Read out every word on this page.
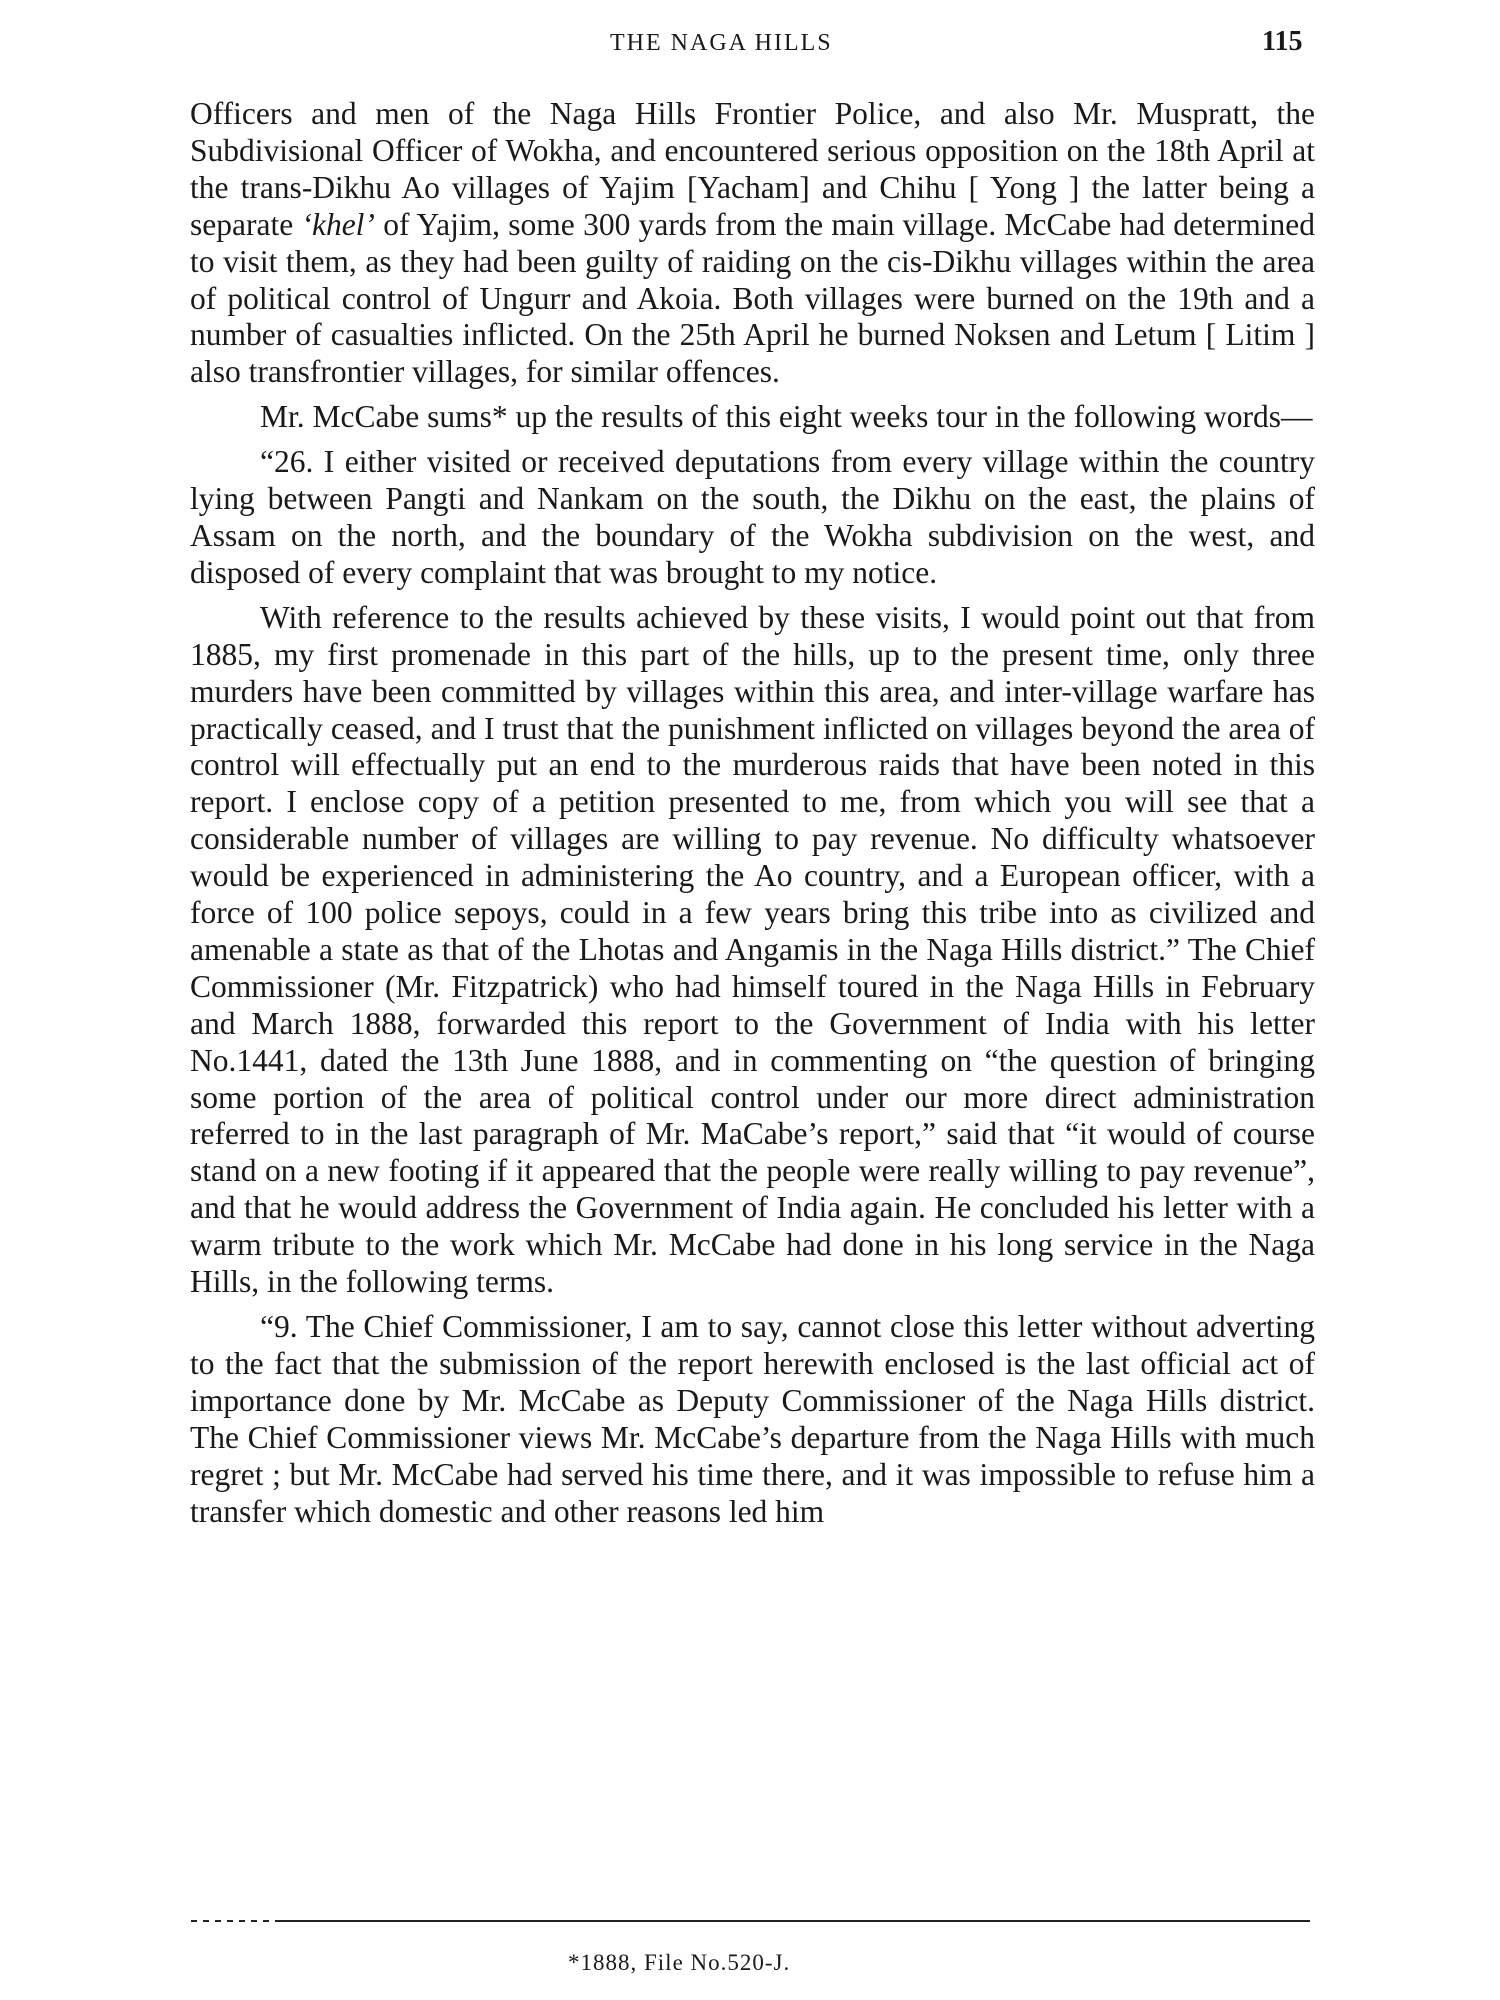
THE NAGA HILLS	115

Officers and men of the Naga Hills Frontier Police, and also Mr. Muspratt, the Subdivisional Officer of Wokha, and encountered serious opposition on the 18th April at the trans-Dikhu Ao villages of Yajim [Yacham] and Chihu [ Yong ] the latter being a separate ‘khel’ of Yajim, some 300 yards from the main village. McCabe had determined to visit them, as they had been guilty of raiding on the cis-Dikhu villages within the area of political control of Ungurr and Akoia. Both villages were burned on the 19th and a number of casualties inflicted. On the 25th April he burned Noksen and Letum [ Litim ] also transfrontier villages, for similar offences.

Mr. McCabe sums* up the results of this eight weeks tour in the following words—

“26. I either visited or received deputations from every village within the country lying between Pangti and Nankam on the south, the Dikhu on the east, the plains of Assam on the north, and the boundary of the Wokha subdivision on the west, and disposed of every complaint that was brought to my notice.

With reference to the results achieved by these visits, I would point out that from 1885, my first promenade in this part of the hills, up to the present time, only three murders have been committed by villages within this area, and inter-village warfare has practically ceased, and I trust that the punishment inflicted on villages beyond the area of control will effectually put an end to the murderous raids that have been noted in this report. I enclose copy of a petition presented to me, from which you will see that a considerable number of villages are willing to pay revenue. No difficulty whatsoever would be experienced in administering the Ao country, and a European officer, with a force of 100 police sepoys, could in a few years bring this tribe into as civilized and amenable a state as that of the Lhotas and Angamis in the Naga Hills district.” The Chief Commissioner (Mr. Fitzpatrick) who had himself toured in the Naga Hills in February and March 1888, forwarded this report to the Government of India with his letter No.1441, dated the 13th June 1888, and in commenting on “the question of bringing some portion of the area of political control under our more direct administration referred to in the last paragraph of Mr. MaCabe’s report,” said that “it would of course stand on a new footing if it appeared that the people were really willing to pay revenue”, and that he would address the Government of India again. He concluded his letter with a warm tribute to the work which Mr. McCabe had done in his long service in the Naga Hills, in the following terms.

“9. The Chief Commissioner, I am to say, cannot close this letter without adverting to the fact that the submission of the report herewith enclosed is the last official act of importance done by Mr. McCabe as Deputy Commissioner of the Naga Hills district. The Chief Commissioner views Mr. McCabe’s departure from the Naga Hills with much regret ; but Mr. McCabe had served his time there, and it was impossible to refuse him a transfer which domestic and other reasons led him

*1888, File No.520-J.
